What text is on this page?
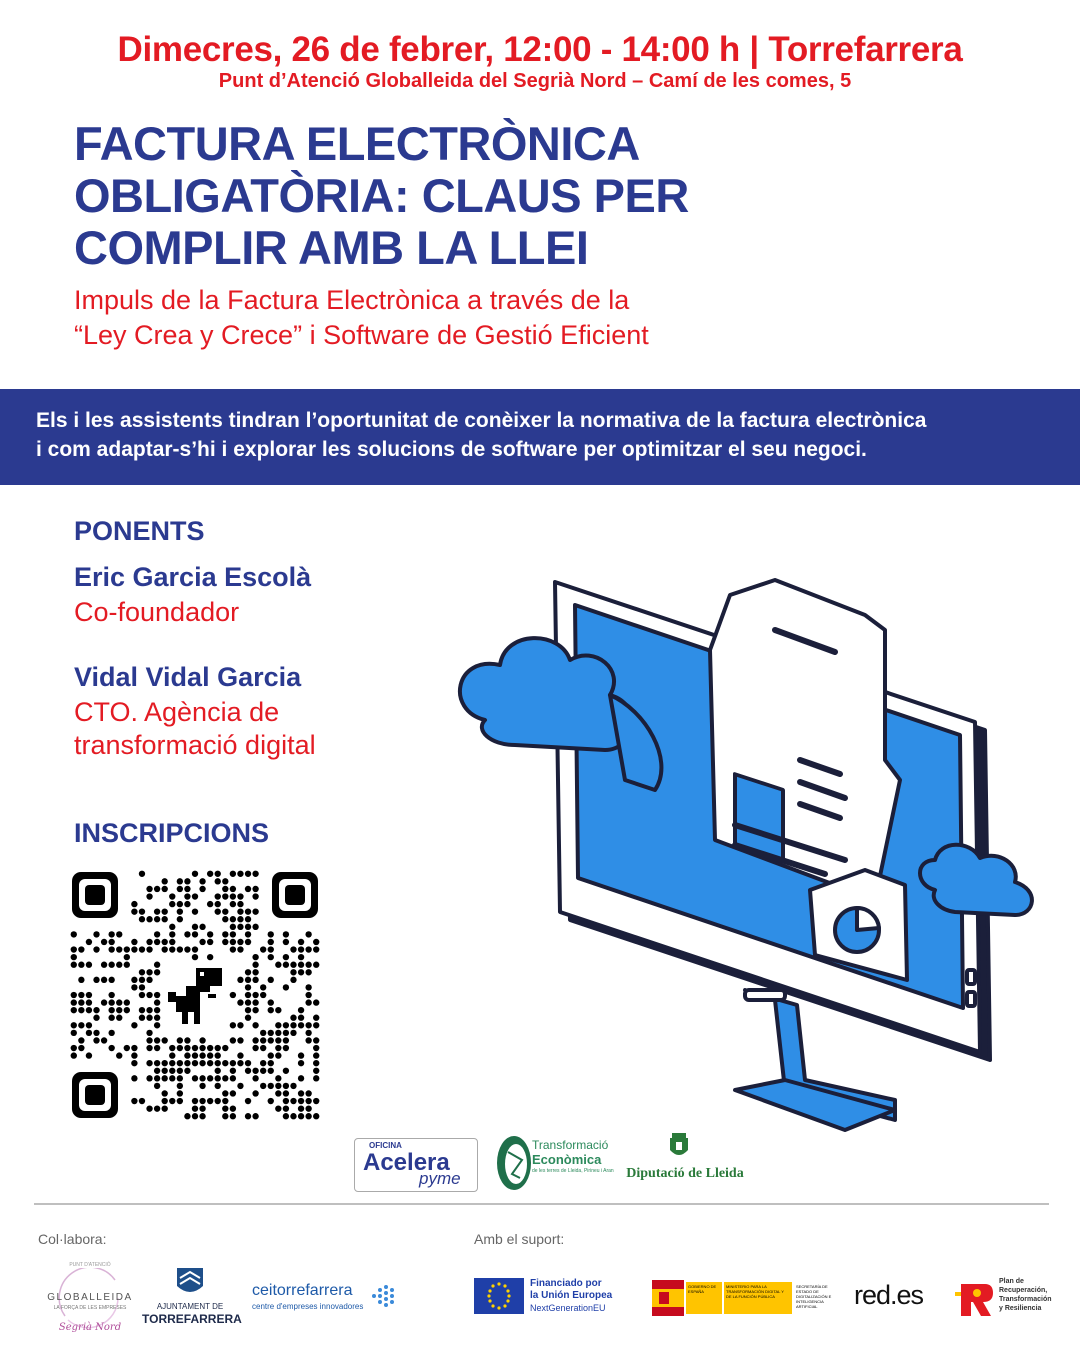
Dimecres, 26 de febrer, 12:00 - 14:00 h | Torrefarrera
Punt d’Atenció Globalleida del Segrià Nord – Camí de les comes, 5
FACTURA ELECTRÒNICA
OBLIGATÒRIA: CLAUS PER
COMPLIR AMB LA LLEI
Impuls de la Factura Electrònica a través de la
“Ley Crea y Crece” i Software de Gestió Eficient
Els i les assistents tindran l’oportunitat de conèixer la normativa de la factura electrònica
i com adaptar-s’hi i explorar les solucions de software per optimitzar el seu negoci.
PONENTS
Eric Garcia Escolà
Co-foundador
Vidal Vidal Garcia
CTO. Agència de
transformació digital
INSCRIPCIONS
OFICINA
Acelera
pyme
Transformació
Econòmica
de les terres de Lleida, Pirineu i Aran Diputació de Lleida
Col·labora:	Amb el suport:
PUNT D'ATENCIÓ
GLOBALLEIDA
LA FORÇA DE LES EMPRESES
Segrià Nord
AJUNTAMENT DE
TORREFARRERA
ceitorrefarrera
centre d'empreses innovadores
Financiado por
la Unión Europea
NextGenerationEU
GOBIERNO DE ESPAÑA
MINISTERIO PARA LA TRANSFORMACIÓN DIGITAL Y DE LA FUNCIÓN PÚBLICA
SECRETARÍA DE ESTADO DE DIGITALIZACIÓN E INTELIGENCIA ARTIFICIAL	red.es	Plan de
Recuperación,
Transformación
y Resiliencia
